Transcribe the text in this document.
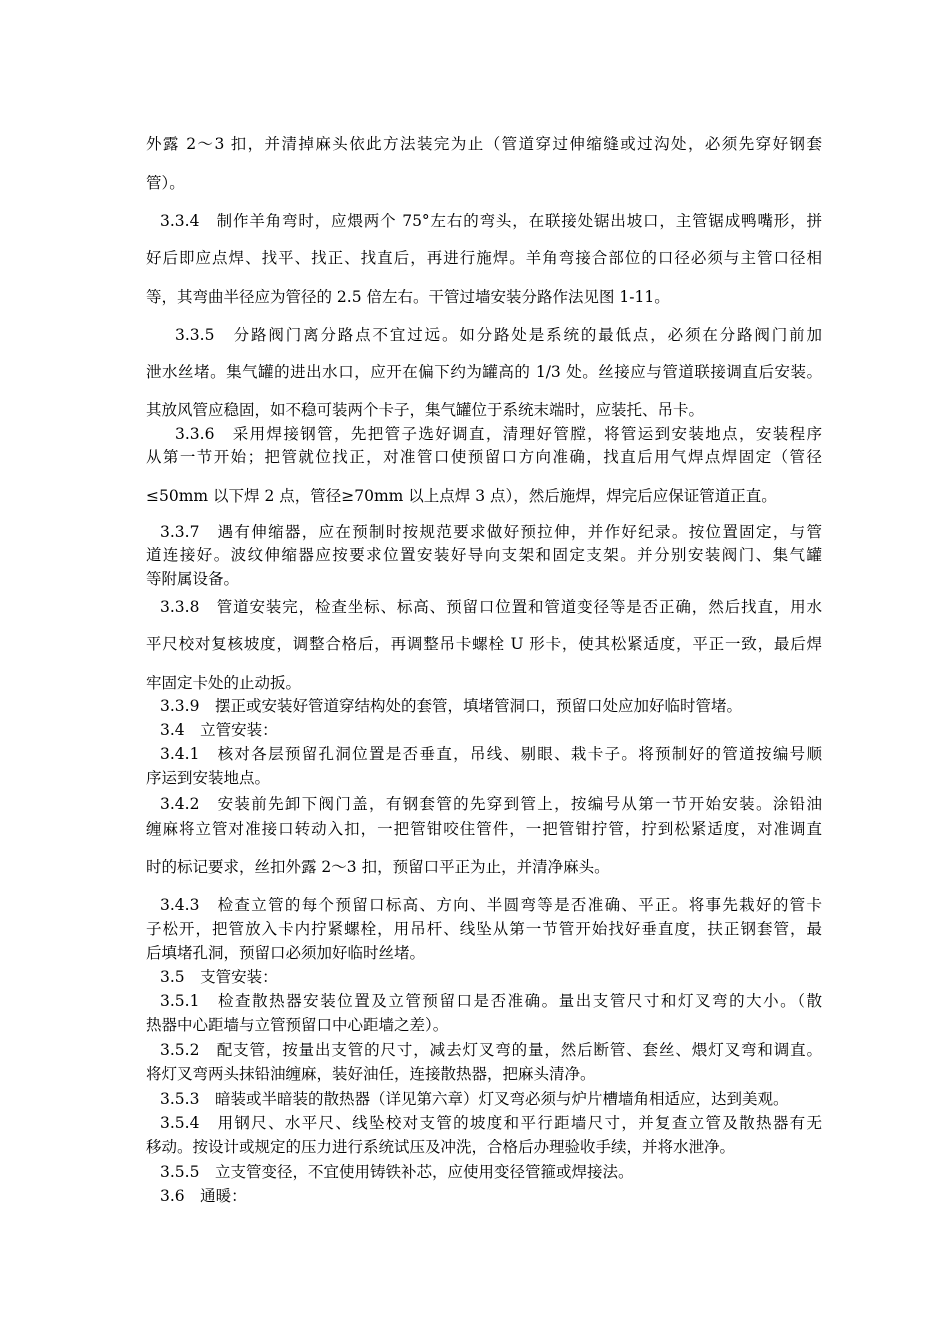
外露 2～3 扣，并清掉麻头依此方法装完为止（管道穿过伸缩缝或过沟处，必须先穿好钢套
管）。
3.3.4　制作羊角弯时，应煨两个 75°左右的弯头，在联接处锯出坡口，主管锯成鸭嘴形，拼
好后即应点焊、找平、找正、找直后，再进行施焊。羊角弯接合部位的口径必须与主管口径相
等，其弯曲半径应为管径的 2.5 倍左右。干管过墙安装分路作法见图 1-11。
3.3.5　分路阀门离分路点不宜过远。如分路处是系统的最低点，必须在分路阀门前加
泄水丝堵。集气罐的进出水口，应开在偏下约为罐高的 1/3 处。丝接应与管道联接调直后安装。
其放风管应稳固，如不稳可装两个卡子，集气罐位于系统末端时，应装托、吊卡。
3.3.6　采用焊接钢管，先把管子选好调直，清理好管膛，将管运到安装地点，安装程序
从第一节开始；把管就位找正，对准管口使预留口方向准确，找直后用气焊点焊固定（管径
≤50mm 以下焊 2 点，管径≥70mm 以上点焊 3 点），然后施焊，焊完后应保证管道正直。
3.3.7　遇有伸缩器，应在预制时按规范要求做好预拉伸，并作好纪录。按位置固定，与管
道连接好。波纹伸缩器应按要求位置安装好导向支架和固定支架。并分别安装阀门、集气罐
等附属设备。
3.3.8　管道安装完，检查坐标、标高、预留口位置和管道变径等是否正确，然后找直，用水
平尺校对复核坡度，调整合格后，再调整吊卡螺栓 U 形卡，使其松紧适度，平正一致，最后焊
牢固定卡处的止动扳。
3.3.9　摆正或安装好管道穿结构处的套管，填堵管洞口，预留口处应加好临时管堵。
3.4　立管安装：
3.4.1　核对各层预留孔洞位置是否垂直，吊线、剔眼、栽卡子。将预制好的管道按编号顺
序运到安装地点。
3.4.2　安装前先卸下阀门盖，有钢套管的先穿到管上，按编号从第一节开始安装。涂铅油
缠麻将立管对准接口转动入扣，一把管钳咬住管件，一把管钳拧管，拧到松紧适度，对准调直
时的标记要求，丝扣外露 2～3 扣，预留口平正为止，并清净麻头。
3.4.3　检查立管的每个预留口标高、方向、半圆弯等是否准确、平正。将事先栽好的管卡
子松开，把管放入卡内拧紧螺栓，用吊杆、线坠从第一节管开始找好垂直度，扶正钢套管，最
后填堵孔洞，预留口必须加好临时丝堵。
3.5　支管安装：
3.5.1　检查散热器安装位置及立管预留口是否准确。量出支管尺寸和灯叉弯的大小。（散
热器中心距墙与立管预留口中心距墙之差）。
3.5.2　配支管，按量出支管的尺寸，减去灯叉弯的量，然后断管、套丝、煨灯叉弯和调直。
将灯叉弯两头抹铅油缠麻，装好油任，连接散热器，把麻头清净。
3.5.3　暗装或半暗装的散热器（详见第六章）灯叉弯必须与炉片槽墙角相适应，达到美观。
3.5.4　用钢尺、水平尺、线坠校对支管的坡度和平行距墙尺寸，并复查立管及散热器有无
移动。按设计或规定的压力进行系统试压及冲洗，合格后办理验收手续，并将水泄净。
3.5.5　立支管变径，不宜使用铸铁补芯，应使用变径管箍或焊接法。
3.6　通暖：
